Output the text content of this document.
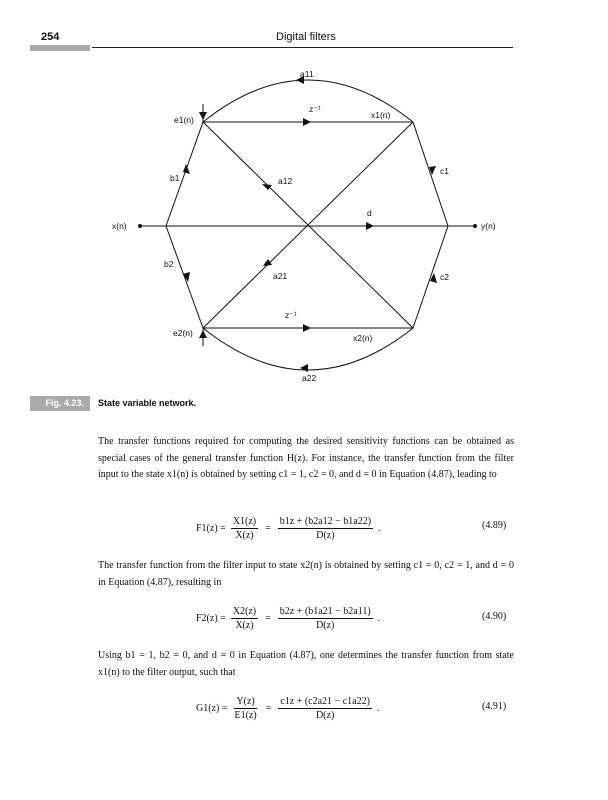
254	Digital filters
a11
z⁻¹
x1(n)
e1(n)
c1
b1	a12
d
x(n)	y(n)
b2
a21	c2
z⁻¹
e2(n)	x2(n)
a22
Fig. 4.23.	State variable network.
The transfer functions required for computing the desired sensitivity functions can be obtained as special cases of the general transfer function H(z). For instance, the transfer function from the filter input to the state x1(n) is obtained by setting c1 = 1, c2 = 0, and d = 0 in Equation (4.87), leading to
$F1(z) = \frac{X1(z)}{X(z)} = \frac{b1z + (b2a12 - b1a22)}{D(z)}$ .	(4.89)
The transfer function from the filter input to state x2(n) is obtained by setting c1 = 0, c2 = 1, and d = 0 in Equation (4.87), resulting in
$F2(z) = \frac{X2(z)}{X(z)} = \frac{b2z + (b1a21 - b2a11)}{D(z)}$ .	(4.90)
Using b1 = 1, b2 = 0, and d = 0 in Equation (4.87), one determines the transfer function from state x1(n) to the filter output, such that
$G1(z) = \frac{Y(z)}{E1(z)} = \frac{c1z + (c2a21 - c1a22)}{D(z)}$ .	(4.91)
